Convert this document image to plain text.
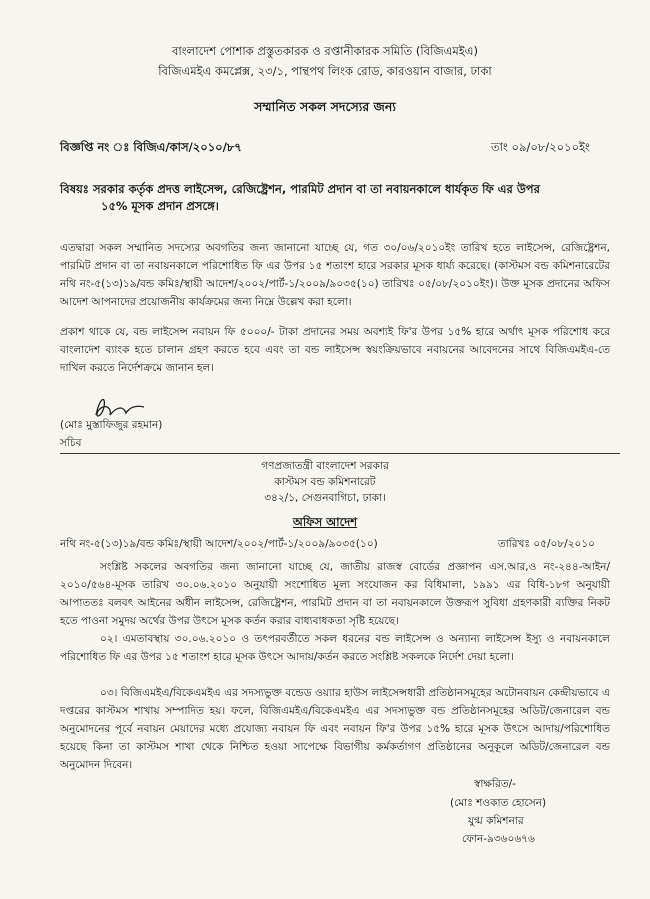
বাংলাদেশ পোশাক প্রস্তুতকারক ও রপ্তানীকারক সমিতি (বিজিএমইএ)
বিজিএমইএ কমপ্লেক্স, ২৩/১, পান্থপথ লিংক রোড, কারওয়ান বাজার, ঢাকা
সম্মানিত সকল সদস্যের জন্য
বিজ্ঞপ্তি নং ঃ বিজিএ/কাস/২০১০/৮৭	তাং ০৯/০৮/২০১০ইং
বিষয়ঃ সরকার কর্তৃক প্রদত্ত লাইসেন্স, রেজিষ্ট্রেশন, পারমিট প্রদান বা তা নবায়নকালে ধার্যকৃত ফি এর উপর
১৫% মূসক প্রদান প্রসঙ্গে।
এতদ্বারা সকল সম্মানিত সদস্যের অবগতির জন্য জানানো যাচ্ছে যে, গত ৩০/০৬/২০১০ইং তারিখ হতে লাইসেন্স, রেজিষ্ট্রেশন, পারমিট প্রদান বা তা নবায়নকালে পরিশোধিত ফি এর উপর ১৫ শতাংশ হারে সরকার মূসক ধার্য্য করেছে। (কাস্টমস বন্ড কমিশনারেটের নথি নং-৫(১৩)১৯/বন্ড কমিঃ/স্থায়ী আদেশ/২০০২/পার্ট-১/২০০৯/৯০৩৫(১০) তারিখঃ ০৫/০৮/২০১০ইং)। উক্ত মূসক প্রদানের অফিস আদেশ আপনাদের প্রয়োজনীয় কার্যক্রমের জন্য নিম্নে উল্লেখ করা হলো।
প্রকাশ থাকে যে, বন্ড লাইসেন্স নবায়ন ফি ৫০০০/- টাকা প্রদানের সময় অবশ্যই ফি'র উপর ১৫% হারে অর্থাৎ মূসক পরিশোধ করে বাংলাদেশ ব্যাংক হতে চালান গ্রহণ করতে হবে এবং তা বন্ড লাইসেন্স স্বয়ংক্রিয়ভাবে নবায়নের আবেদনের সাথে বিজিএমইএ-তে দাখিল করতে নির্দেশক্রমে জানান হল।
(মোঃ মুস্তাফিজুর রহমান)
সচিব
গণপ্রজাতন্ত্রী বাংলাদেশ সরকার
কাস্টমস বন্ড কমিশনারেট
৩৪২/১, সেগুনবাগিচা, ঢাকা।
অফিস আদেশ
নথি নং-৫(১৩)১৯/বন্ড কমিঃ/স্থায়ী আদেশ/২০০২/পার্ট-১/২০০৯/৯০৩৫(১০)	তারিখঃ ০৫/০৮/২০১০
সংশ্লিষ্ট সকলের অবগতির জন্য জানানো যাচ্ছে যে, জাতীয় রাজস্ব বোর্ডের প্রজ্ঞাপন এস.আর,ও নং-২৪৪-আইন/২০১০/৫৬৪-মূসক তারিখ ৩০.০৬.২০১০ অনুযায়ী সংশোধিত মূল্য সংযোজন কর বিধিমালা, ১৯৯১ এর বিধি-১৮গ অনুযায়ী আপাততঃ বলবৎ আইনের অধীন লাইসেন্স, রেজিষ্ট্রেশন, পারমিট প্রদান বা তা নবায়নকালে উক্তরূপ সুবিধা গ্রহণকারী ব্যক্তির নিকট হতে পাওনা সমুদয় অর্থের উপর উৎসে মূসক কর্তন করার বাধ্যবাধকতা সৃষ্টি হয়েছে।
০২। এমতাবস্থায় ৩০.০৬.২০১০ ও তৎপরবর্তীতে সকল ধরনের বন্ড লাইসেন্স ও অন্যান্য লাইসেন্স ইস্যু ও নবায়নকালে পরিশোধিত ফি এর উপর ১৫ শতাংশ হারে মূসক উৎসে আদায়/কর্তন করতে সংশ্লিষ্ট সকলকে নির্দেশ দেয়া হলো।
০৩। বিজিএমইএ/বিকেএমইএ এর সদস্যভুক্ত বন্ডেড ওয়্যার হাউস লাইসেন্সধারী প্রতিষ্ঠানসমূহের অটোনবায়ন কেন্দ্রীয়ভাবে এ দপ্তরের কাস্টমস শাখায় সম্পাদিত হয়। ফলে, বিজিএমইএ/বিকেএমইএ এর সদস্যভুক্ত বন্ড প্রতিষ্ঠানসমূহের অডিট/জেনারেল বন্ড অনুমোদনের পূর্বে নবায়ন মেয়াদের মধ্যে প্রযোজ্য নবায়ন ফি এবং নবায়ন ফি'র উপর ১৫% হারে মূসক উৎসে আদায়/পরিশোধিত হয়েছে কিনা তা কাস্টমস শাখা থেকে নিশ্চিত হওয়া সাপেক্ষে বিভাগীয় কর্মকর্তাগণ প্রতিষ্ঠানের অনুকূলে অডিট/জেনারেল বন্ড অনুমোদন দিবেন।
স্বাক্ষরিত/-
(মোঃ শওকাত হোসেন)
যুগ্ম কমিশনার
ফোন-৯৩৬০৬৭৬
